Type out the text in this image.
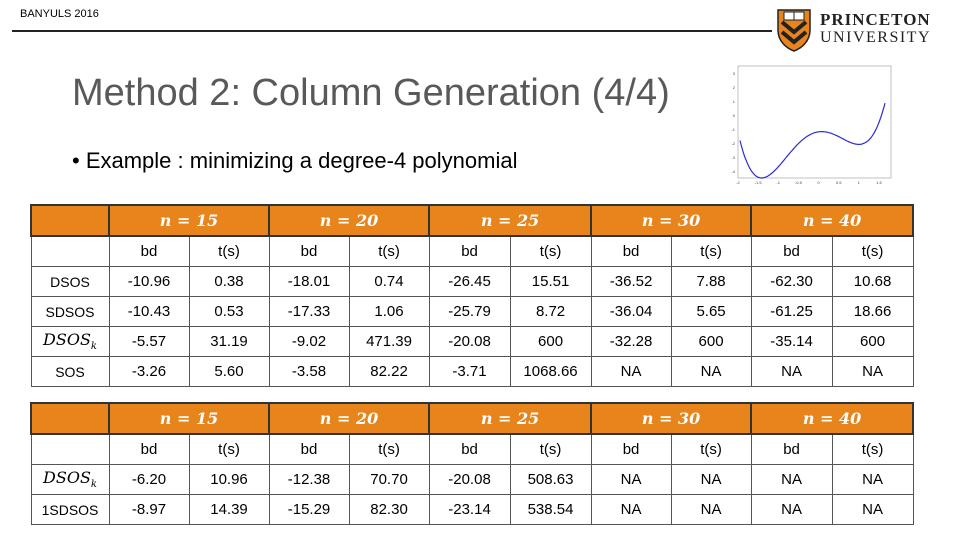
BANYULS 2016	PRINCETON
UNIVERSITY
Method 2: Column Generation (4/4)
• Example : minimizing a degree-4 polynomial
3
2
1
0
-1
-2
-3
-4
-2	-1.5	-1	-0.5	0	0.5	1	1.5
	n = 15		n = 20		n = 25		n = 30		n = 40	
	bd	t(s)	bd	t(s)	bd	t(s)	bd	t(s)	bd	t(s)
DSOS	-10.96	0.38	-18.01	0.74	-26.45	15.51	-36.52	7.88	-62.30	10.68
SDSOS	-10.43	0.53	-17.33	1.06	-25.79	8.72	-36.04	5.65	-61.25	18.66
$DSOS_k$	-5.57	31.19	-9.02	471.39	-20.08	600	-32.28	600	-35.14	600
SOS	-3.26	5.60	-3.58	82.22	-3.71	1068.66	NA	NA	NA	NA
	n = 15		n = 20		n = 25		n = 30		n = 40	
	bd	t(s)	bd	t(s)	bd	t(s)	bd	t(s)	bd	t(s)
$DSOS_k$	-6.20	10.96	-12.38	70.70	-20.08	508.63	NA	NA	NA	NA
1SDSOS	-8.97	14.39	-15.29	82.30	-23.14	538.54	NA	NA	NA	NA
